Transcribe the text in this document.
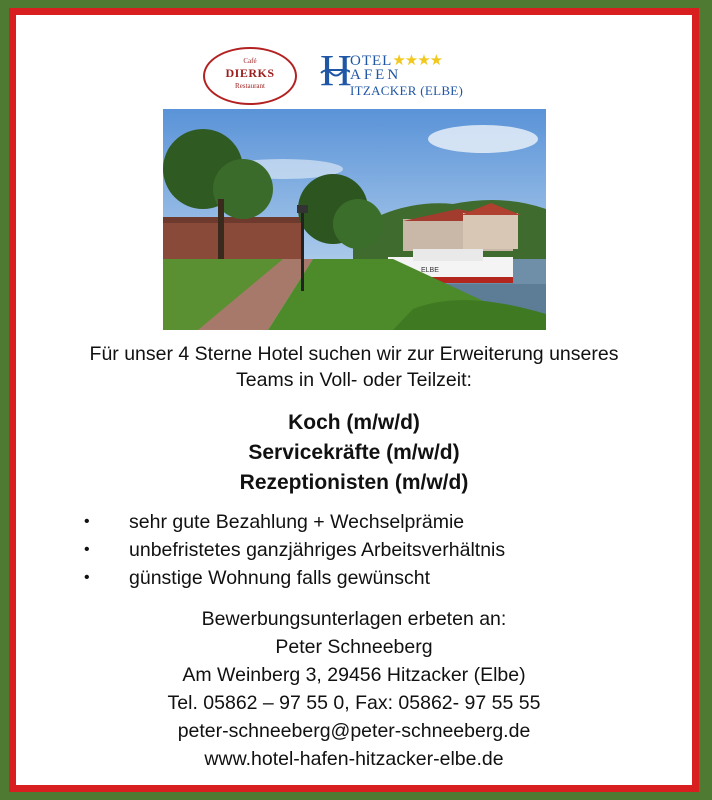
Café
DIERKS
Restaurant	H
OTEL★★★★
AFEN
ITZACKER (ELBE)
ELBE
Für unser 4 Sterne Hotel suchen wir zur Erweiterung unseres
Teams in Voll- oder Teilzeit:
Koch (m/w/d)
Servicekräfte (m/w/d)
Rezeptionisten (m/w/d)
•	sehr gute Bezahlung + Wechselprämie
•	unbefristetes ganzjähriges Arbeitsverhältnis
•	günstige Wohnung falls gewünscht
Bewerbungsunterlagen erbeten an:
Peter Schneeberg
Am Weinberg 3, 29456 Hitzacker (Elbe)
Tel. 05862 – 97 55 0, Fax: 05862- 97 55 55
peter-schneeberg@peter-schneeberg.de
www.hotel-hafen-hitzacker-elbe.de
